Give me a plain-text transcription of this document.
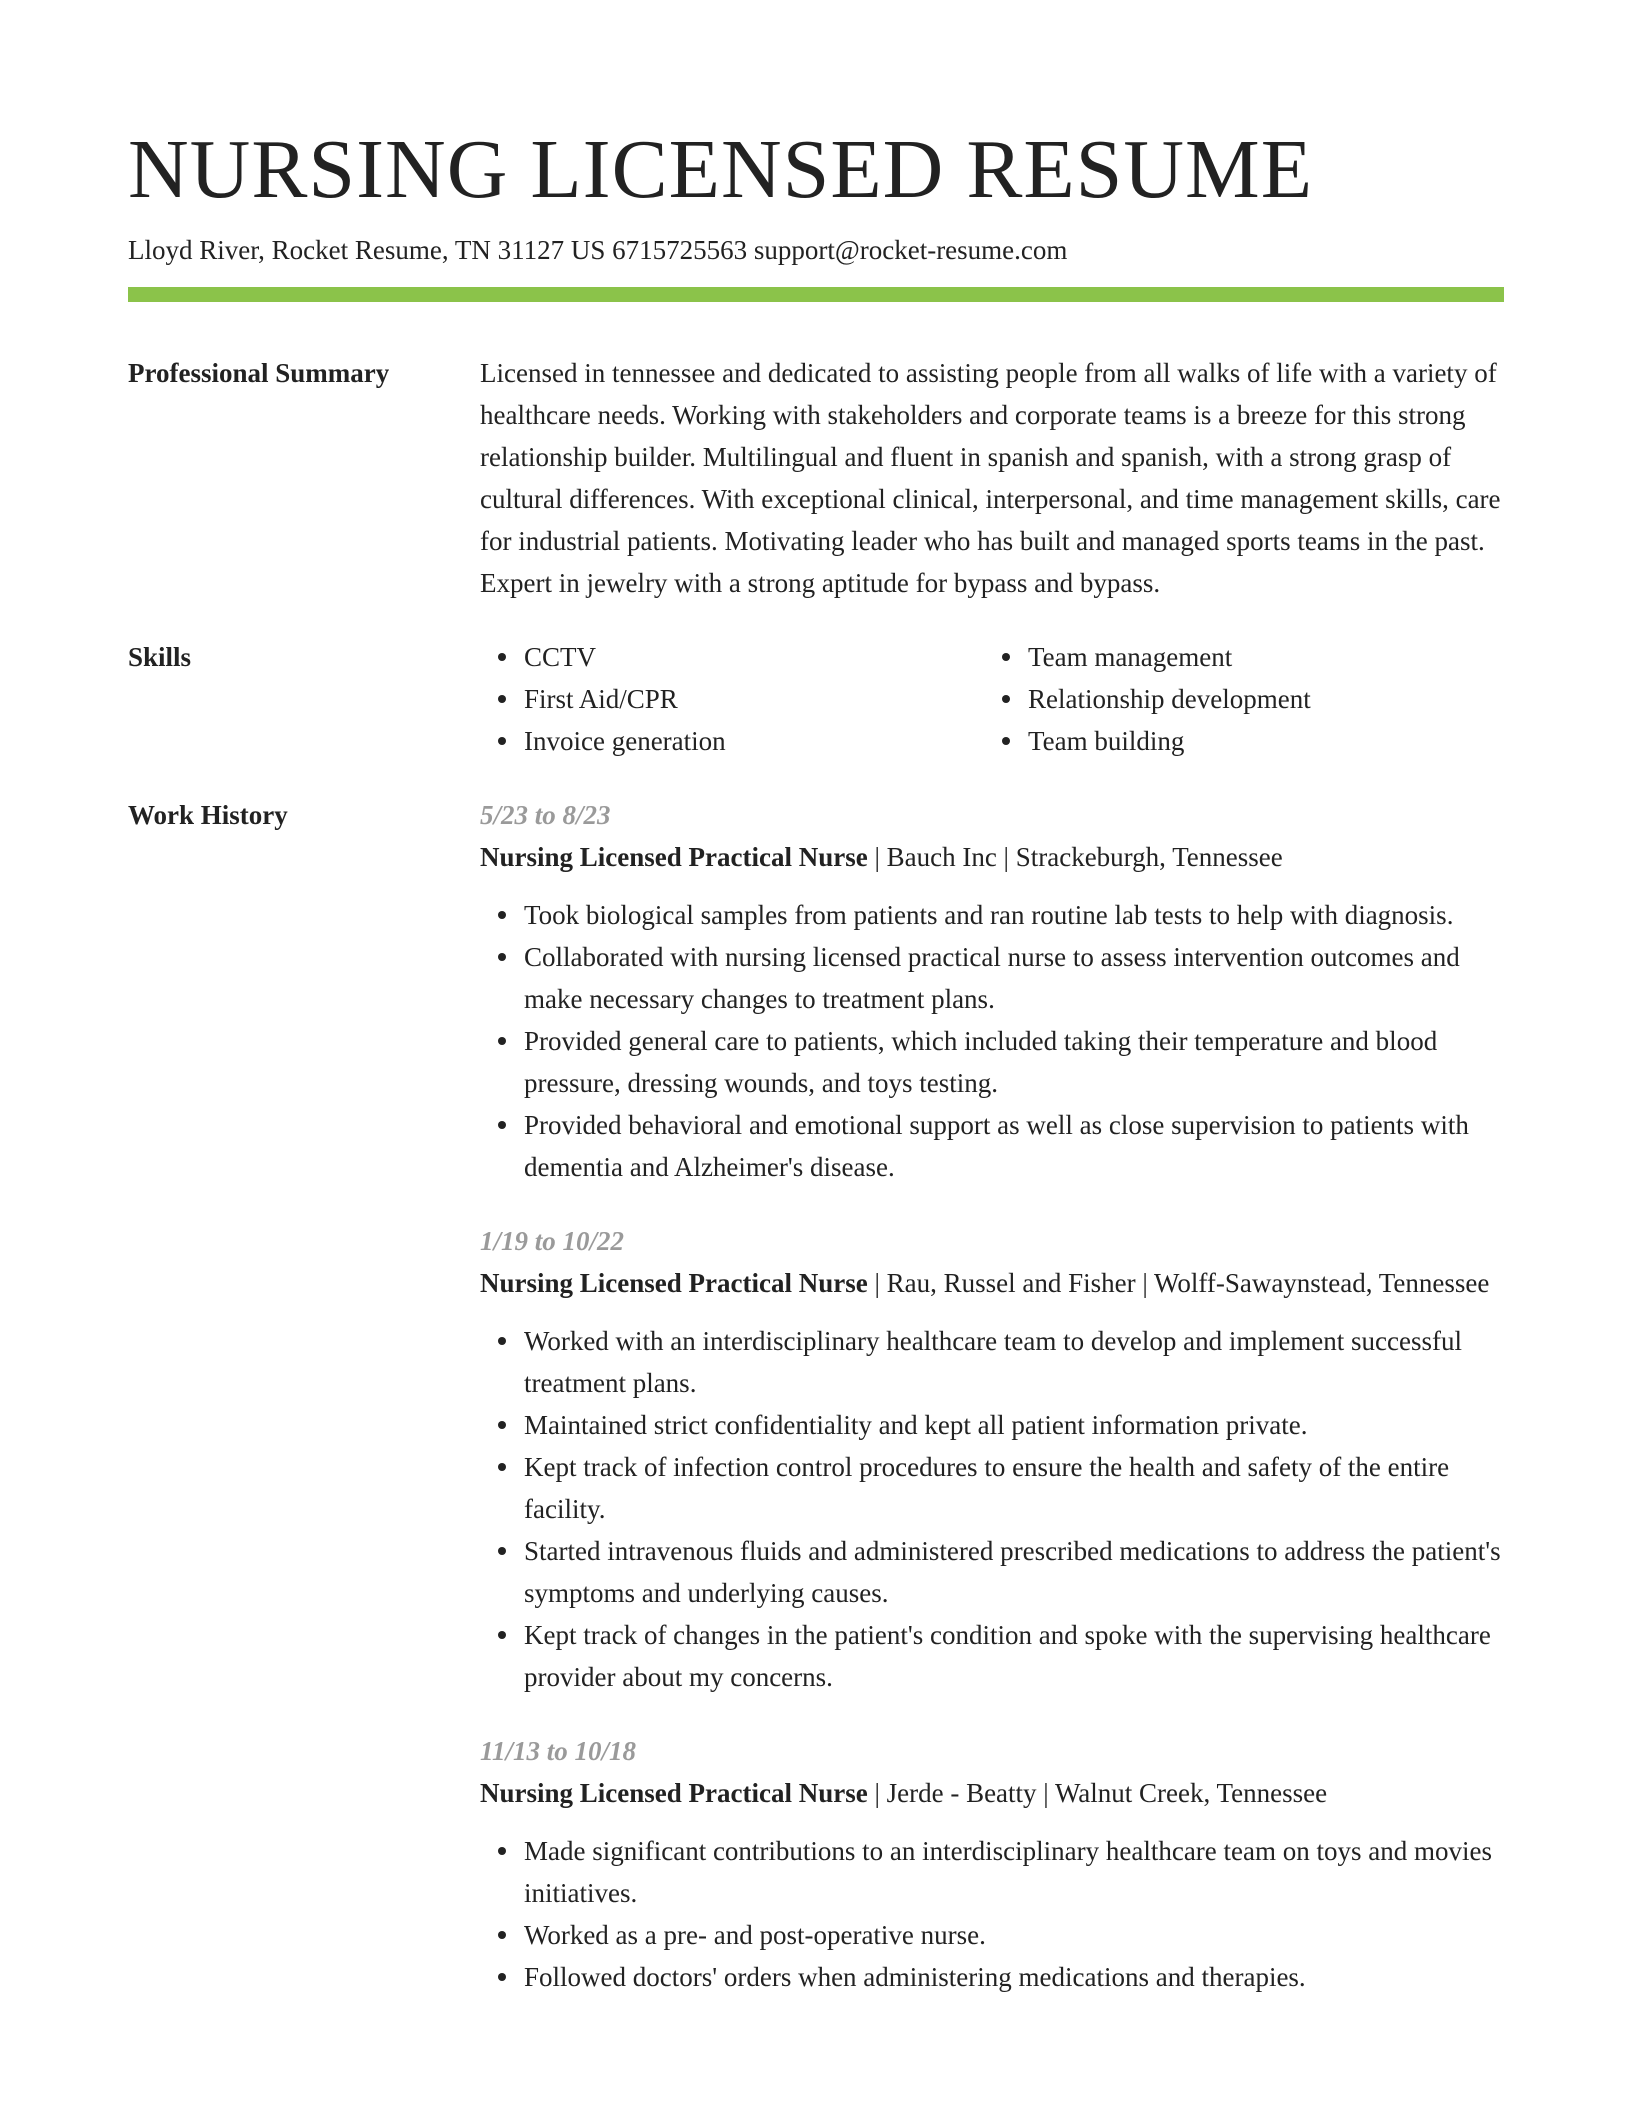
NURSING LICENSED RESUME
Lloyd River, Rocket Resume, TN 31127 US 6715725563 support@rocket-resume.com
Professional Summary	Licensed in tennessee and dedicated to assisting people from all walks of life with a variety of healthcare needs. Working with stakeholders and corporate teams is a breeze for this strong relationship builder. Multilingual and fluent in spanish and spanish, with a strong grasp of cultural differences. With exceptional clinical, interpersonal, and time management skills, care for industrial patients. Motivating leader who has built and managed sports teams in the past. Expert in jewelry with a strong aptitude for bypass and bypass.
Skills	CCTV
First Aid/CPR
Invoice generation
Team management
Relationship development
Team building
Work History	5/23 to 8/23
Nursing Licensed Practical Nurse | Bauch Inc | Strackeburgh, Tennessee
Took biological samples from patients and ran routine lab tests to help with diagnosis.
Collaborated with nursing licensed practical nurse to assess intervention outcomes and make necessary changes to treatment plans.
Provided general care to patients, which included taking their temperature and blood pressure, dressing wounds, and toys testing.
Provided behavioral and emotional support as well as close supervision to patients with dementia and Alzheimer's disease.
1/19 to 10/22
Nursing Licensed Practical Nurse | Rau, Russel and Fisher | Wolff-Sawaynstead, Tennessee
Worked with an interdisciplinary healthcare team to develop and implement successful treatment plans.
Maintained strict confidentiality and kept all patient information private.
Kept track of infection control procedures to ensure the health and safety of the entire facility.
Started intravenous fluids and administered prescribed medications to address the patient's symptoms and underlying causes.
Kept track of changes in the patient's condition and spoke with the supervising healthcare provider about my concerns.
11/13 to 10/18
Nursing Licensed Practical Nurse | Jerde - Beatty | Walnut Creek, Tennessee
Made significant contributions to an interdisciplinary healthcare team on toys and movies initiatives.
Worked as a pre- and post-operative nurse.
Followed doctors' orders when administering medications and therapies.
